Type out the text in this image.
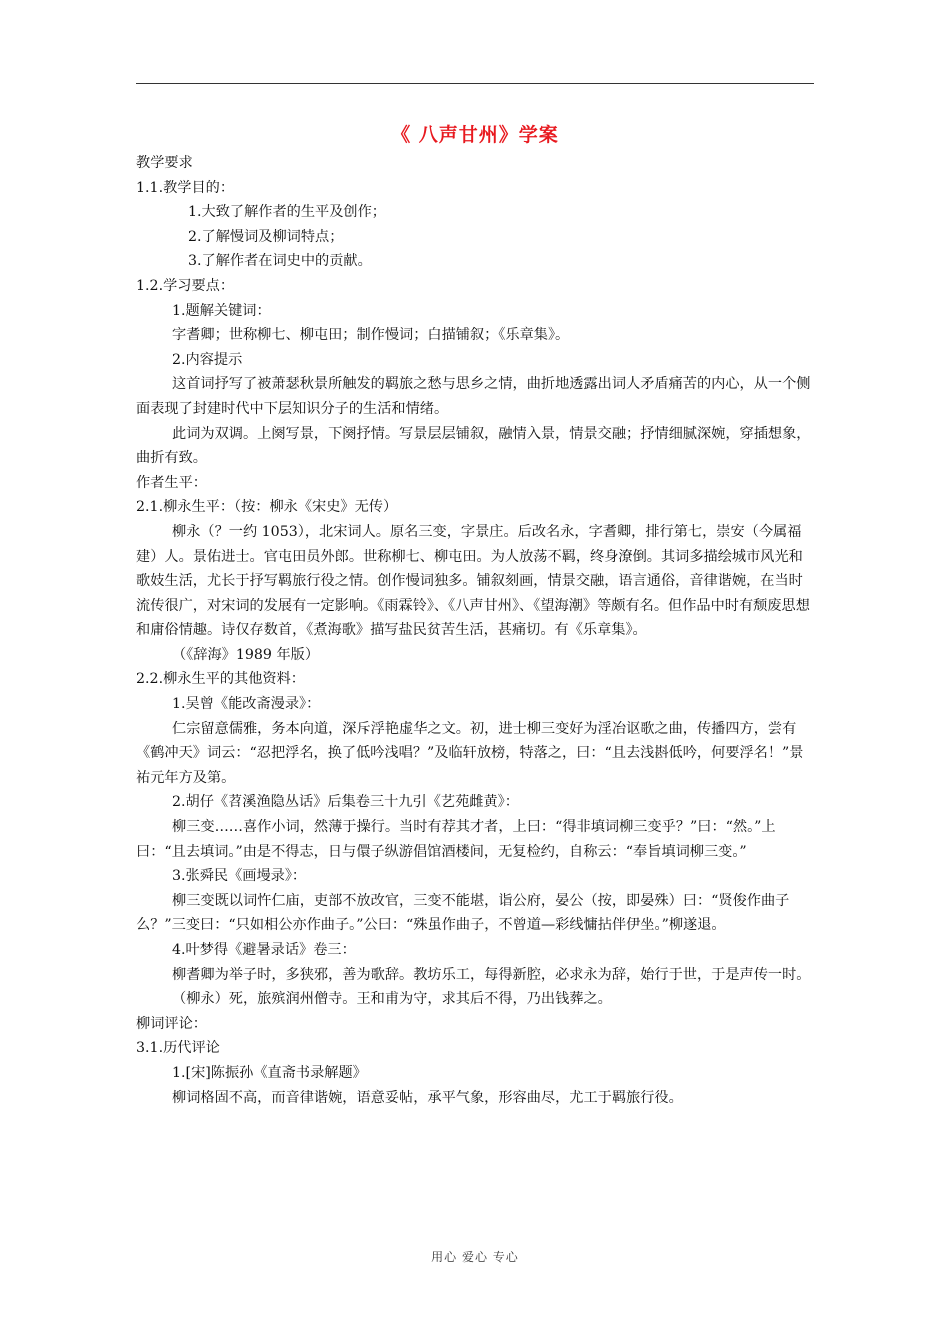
《 八声甘州》学案

教学要求

1.1.教学目的：

1.大致了解作者的生平及创作；

2.了解慢词及柳词特点；

3.了解作者在词史中的贡献。

1.2.学习要点：

1.题解关键词：

字耆卿；世称柳七、柳屯田；制作慢词；白描铺叙；《乐章集》。

2.内容提示

这首词抒写了被萧瑟秋景所触发的羁旅之愁与思乡之情，曲折地透露出词人矛盾痛苦的内心，从一个侧面表现了封建时代中下层知识分子的生活和情绪。

此词为双调。上阕写景，下阕抒情。写景层层铺叙，融情入景，情景交融；抒情细腻深婉，穿插想象，曲折有致。

作者生平：

2.1.柳永生平：（按：柳永《宋史》无传）

柳永（？一约 1053），北宋词人。原名三变，字景庄。后改名永，字耆卿，排行第七，崇安（今属福建）人。景佑进士。官屯田员外郎。世称柳七、柳屯田。为人放荡不羁，终身潦倒。其词多描绘城市风光和歌妓生活，尤长于抒写羁旅行役之情。创作慢词独多。铺叙刻画，情景交融，语言通俗，音律谐婉，在当时流传很广，对宋词的发展有一定影响。《雨霖铃》、《八声甘州》、《望海潮》等颇有名。但作品中时有颓废思想和庸俗情趣。诗仅存数首，《煮海歌》描写盐民贫苦生活，甚痛切。有《乐章集》。

（《辞海》1989 年版）

2.2.柳永生平的其他资料：

1.吴曾《能改斋漫录》：

仁宗留意儒雅，务本向道，深斥浮艳虚华之文。初，进士柳三变好为淫冶讴歌之曲，传播四方，尝有《鹤冲天》词云：“忍把浮名，换了低吟浅唱？”及临轩放榜，特落之，曰：“且去浅斟低吟，何要浮名！”景祐元年方及第。

2.胡仔《苕溪渔隐丛话》后集卷三十九引《艺苑雌黄》：

柳三变……喜作小词，然薄于操行。当时有荐其才者，上曰：“得非填词柳三变乎？”曰：“然。”上曰：“且去填词。”由是不得志，日与儇子纵游倡馆酒楼间，无复检约，自称云：“奉旨填词柳三变。”

3.张舜民《画墁录》：

柳三变既以词忤仁庙，吏部不放改官，三变不能堪，诣公府，晏公（按，即晏殊）曰：“贤俊作曲子么？”三变曰：“只如相公亦作曲子。”公曰：“殊虽作曲子，不曾道—彩线慵拈伴伊坐。”柳遂退。

4.叶梦得《避暑录话》卷三：

柳耆卿为举子时，多狭邪，善为歌辞。教坊乐工，每得新腔，必求永为辞，始行于世，于是声传一时。

（柳永）死，旅殡润州僧寺。王和甫为守，求其后不得，乃出钱葬之。

柳词评论：

3.1.历代评论

1.[宋]陈振孙《直斋书录解题》

柳词格固不高，而音律谐婉，语意妥帖，承平气象，形容曲尽，尤工于羁旅行役。

用心 爱心 专心
